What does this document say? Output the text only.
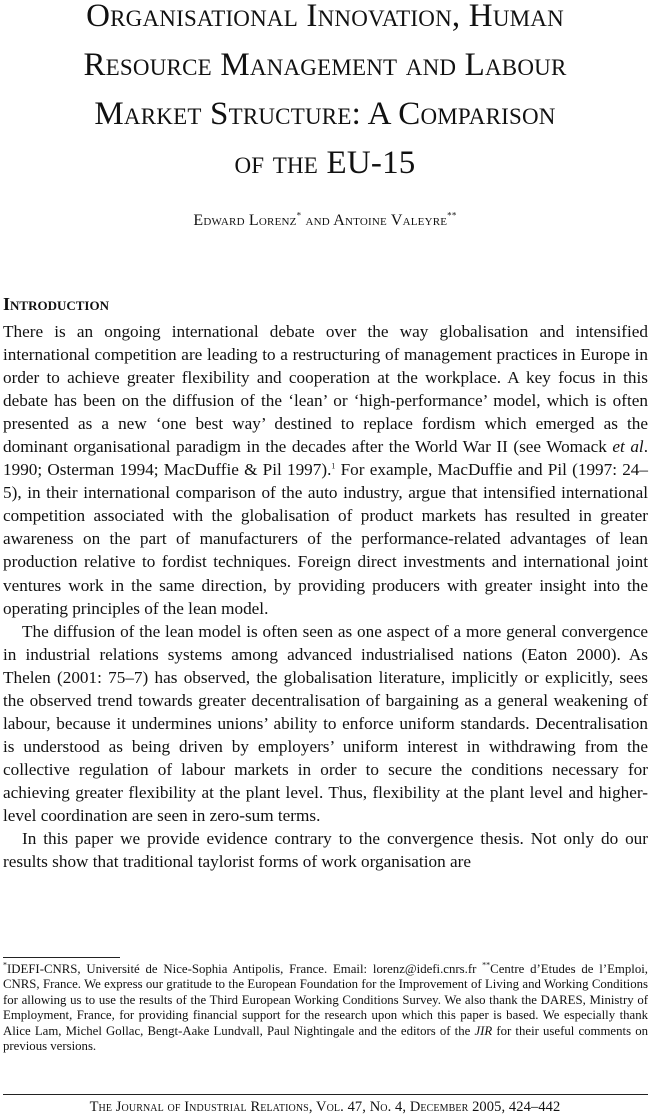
Organisational Innovation, Human
Resource Management and Labour
Market Structure: A Comparison
of the EU-15
Edward Lorenz* and Antoine Valeyre**
Introduction

There is an ongoing international debate over the way globalisation and intensified international competition are leading to a restructuring of management practices in Europe in order to achieve greater flexibility and cooperation at the workplace. A key focus in this debate has been on the diffusion of the ‘lean’ or ‘high-performance’ model, which is often presented as a new ‘one best way’ destined to replace fordism which emerged as the dominant organisational paradigm in the decades after the World War II (see Womack et al. 1990; Osterman 1994; MacDuffie & Pil 1997).$^1$ For example, MacDuffie and Pil (1997: 24–5), in their international comparison of the auto industry, argue that intensified international competition associated with the globalisation of product markets has resulted in greater awareness on the part of manufacturers of the performance-related advantages of lean production relative to fordist techniques. Foreign direct investments and international joint ventures work in the same direction, by providing producers with greater insight into the operating principles of the lean model.

The diffusion of the lean model is often seen as one aspect of a more general convergence in industrial relations systems among advanced industrialised nations (Eaton 2000). As Thelen (2001: 75–7) has observed, the globalisation literature, implicitly or explicitly, sees the observed trend towards greater decentralisation of bargaining as a general weakening of labour, because it undermines unions’ ability to enforce uniform standards. Decentralisation is understood as being driven by employers’ uniform interest in withdrawing from the collective regulation of labour markets in order to secure the conditions necessary for achieving greater flexibility at the plant level. Thus, flexibility at the plant level and higher-level coordination are seen in zero-sum terms.

In this paper we provide evidence contrary to the convergence thesis. Not only do our results show that traditional taylorist forms of work organisation are

*IDEFI-CNRS, Université de Nice-Sophia Antipolis, France. Email: lorenz@idefi.cnrs.fr **Centre d’Etudes de l’Emploi, CNRS, France. We express our gratitude to the European Foundation for the Improvement of Living and Working Conditions for allowing us to use the results of the Third European Working Conditions Survey. We also thank the DARES, Ministry of Employment, France, for providing financial support for the research upon which this paper is based. We especially thank Alice Lam, Michel Gollac, Bengt-Aake Lundvall, Paul Nightingale and the editors of the JIR for their useful comments on previous versions.
The Journal of Industrial Relations, Vol. 47, No. 4, December 2005, 424–442
